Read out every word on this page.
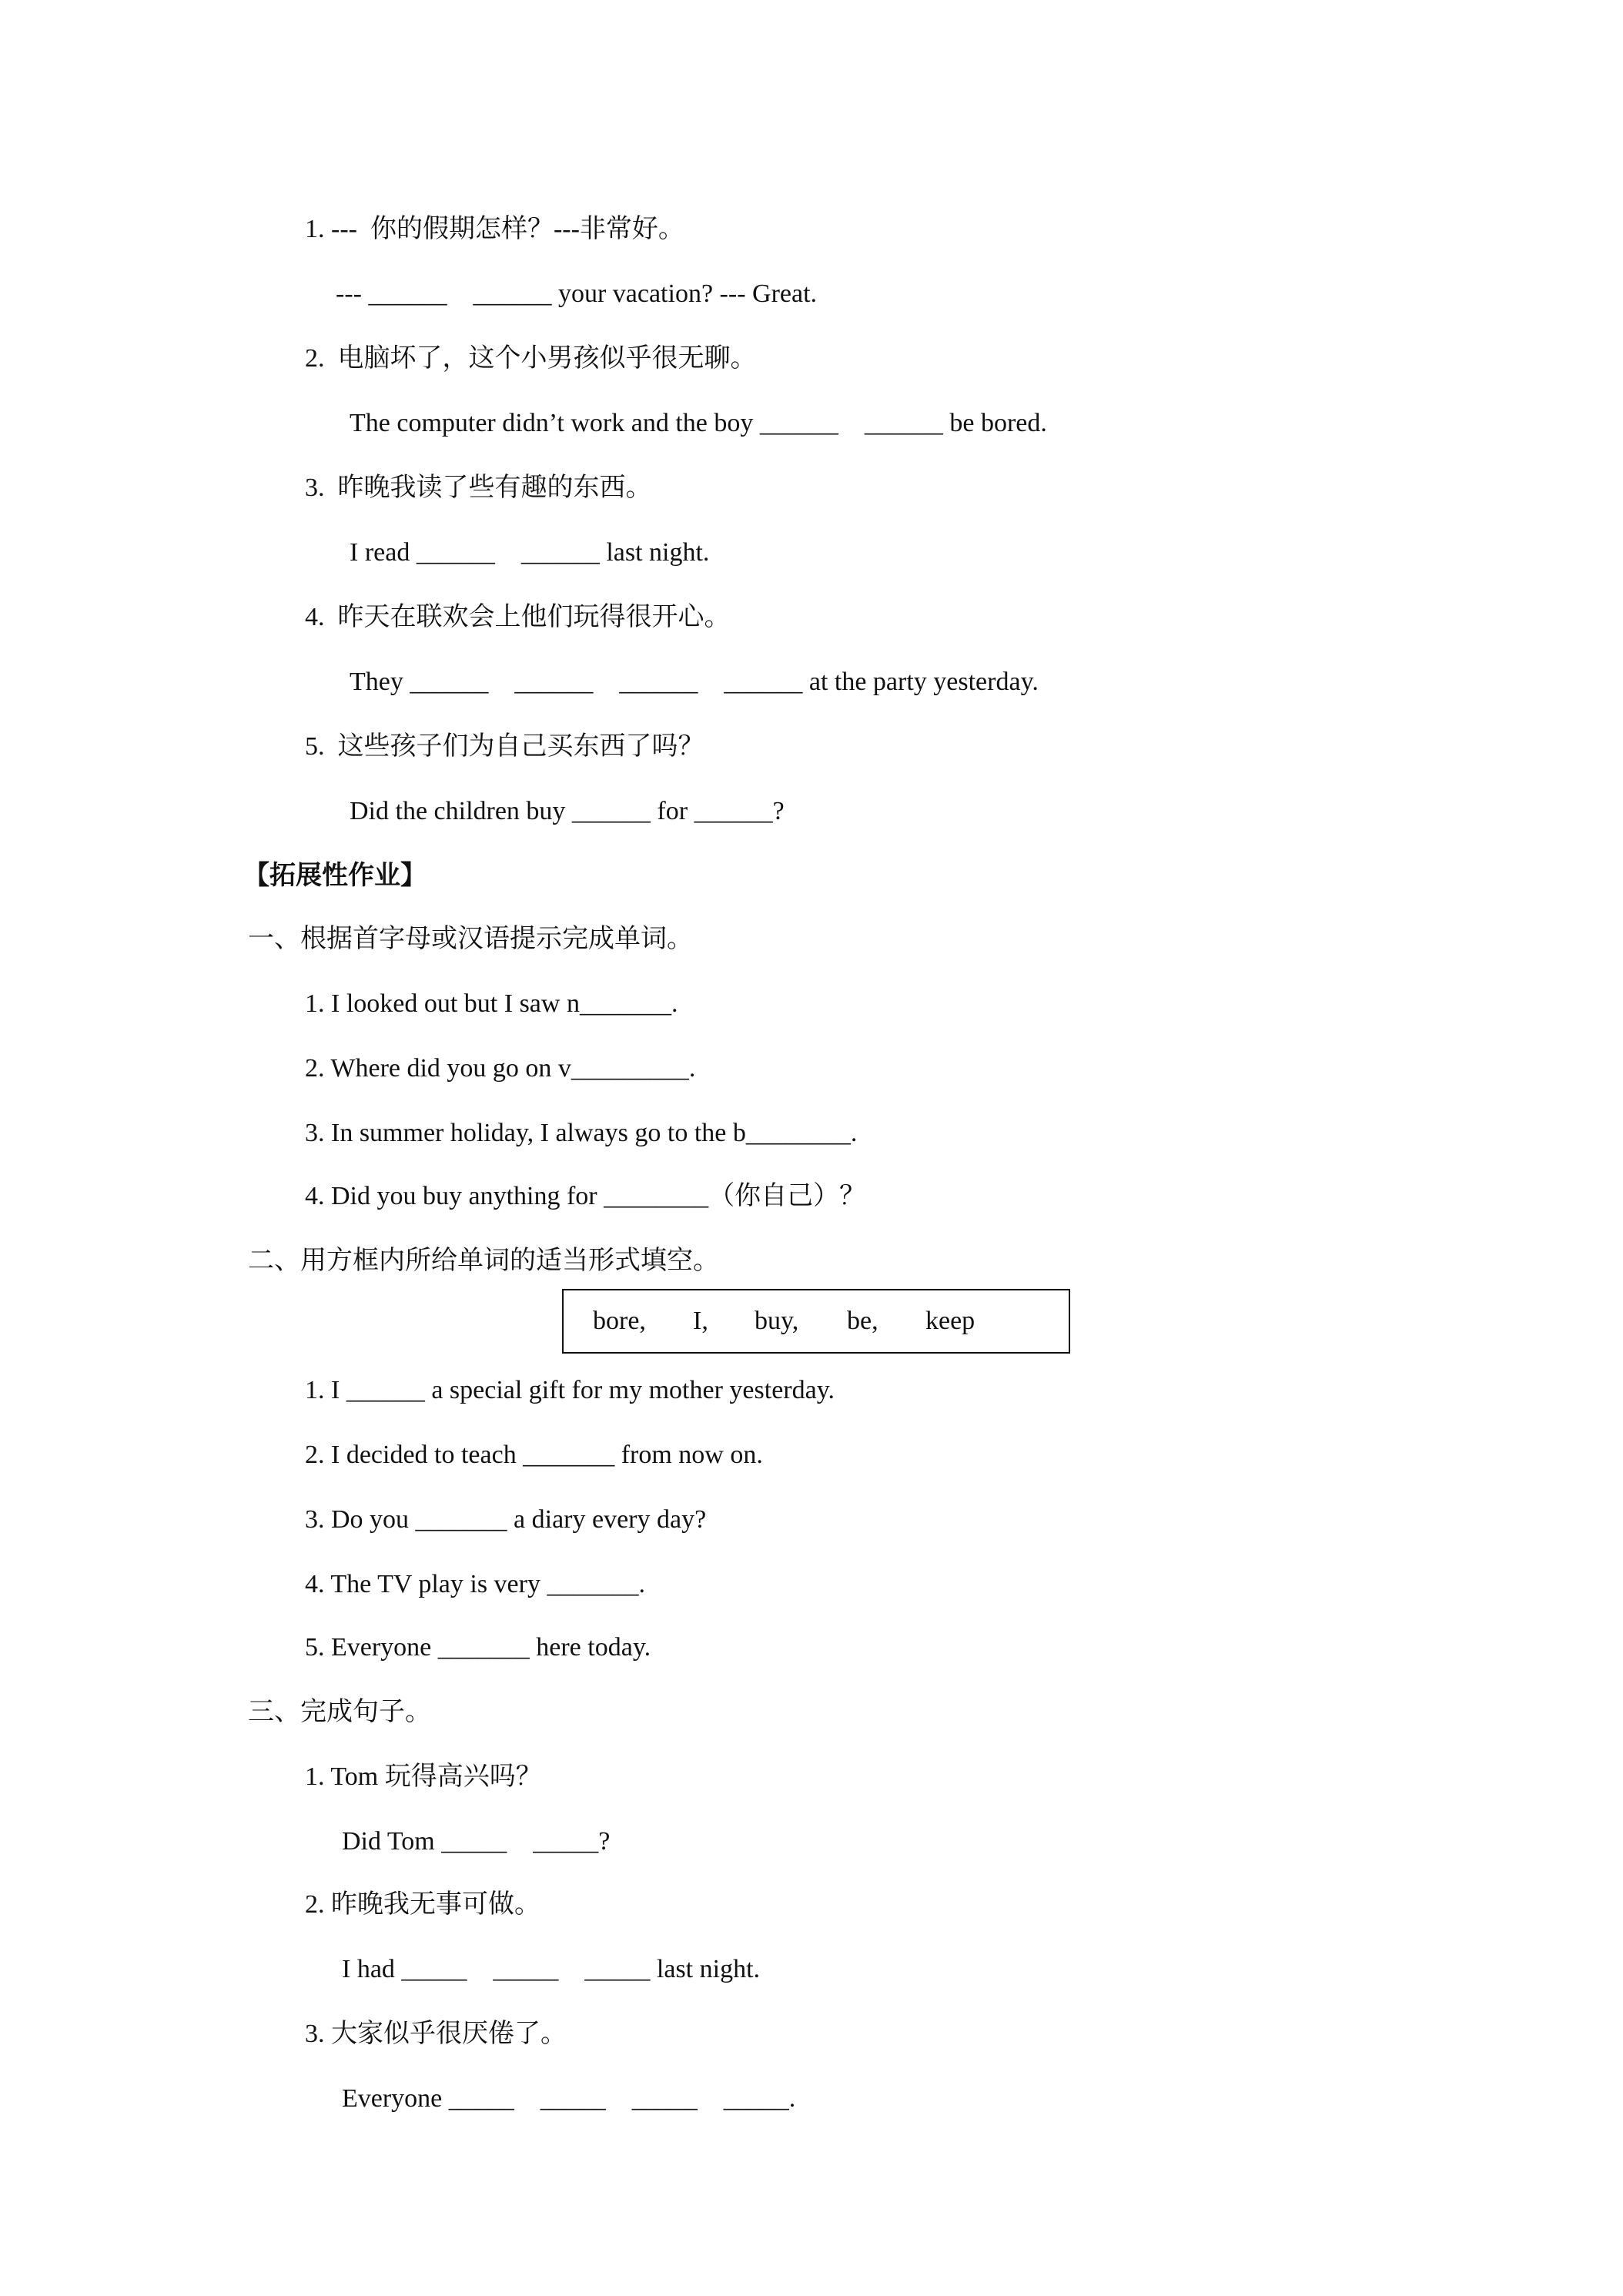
1. ---  你的假期怎样？---非常好。
--- ______    ______ your vacation? --- Great.
2.  电脑坏了，这个小男孩似乎很无聊。
The computer didn’t work and the boy ______    ______ be bored.
3.  昨晚我读了些有趣的东西。
I read ______    ______ last night.
4.  昨天在联欢会上他们玩得很开心。
They ______    ______    ______    ______ at the party yesterday.
5.  这些孩子们为自己买东西了吗？
Did the children buy ______ for ______?
【拓展性作业】
一、根据首字母或汉语提示完成单词。
1. I looked out but I saw n_______.
2. Where did you go on v_________.
3. In summer holiday, I always go to the b________.
4. Did you buy anything for ________（你自己）？
二、用方框内所给单词的适当形式填空。
bore, I, buy, be, keep
1. I ______ a special gift for my mother yesterday.
2. I decided to teach _______ from now on.
3. Do you _______ a diary every day?
4. The TV play is very _______.
5. Everyone _______ here today.
三、完成句子。
1. Tom 玩得高兴吗？
Did Tom _____    _____?
2. 昨晚我无事可做。
I had _____    _____    _____ last night.
3. 大家似乎很厌倦了。
Everyone _____    _____    _____    _____.
